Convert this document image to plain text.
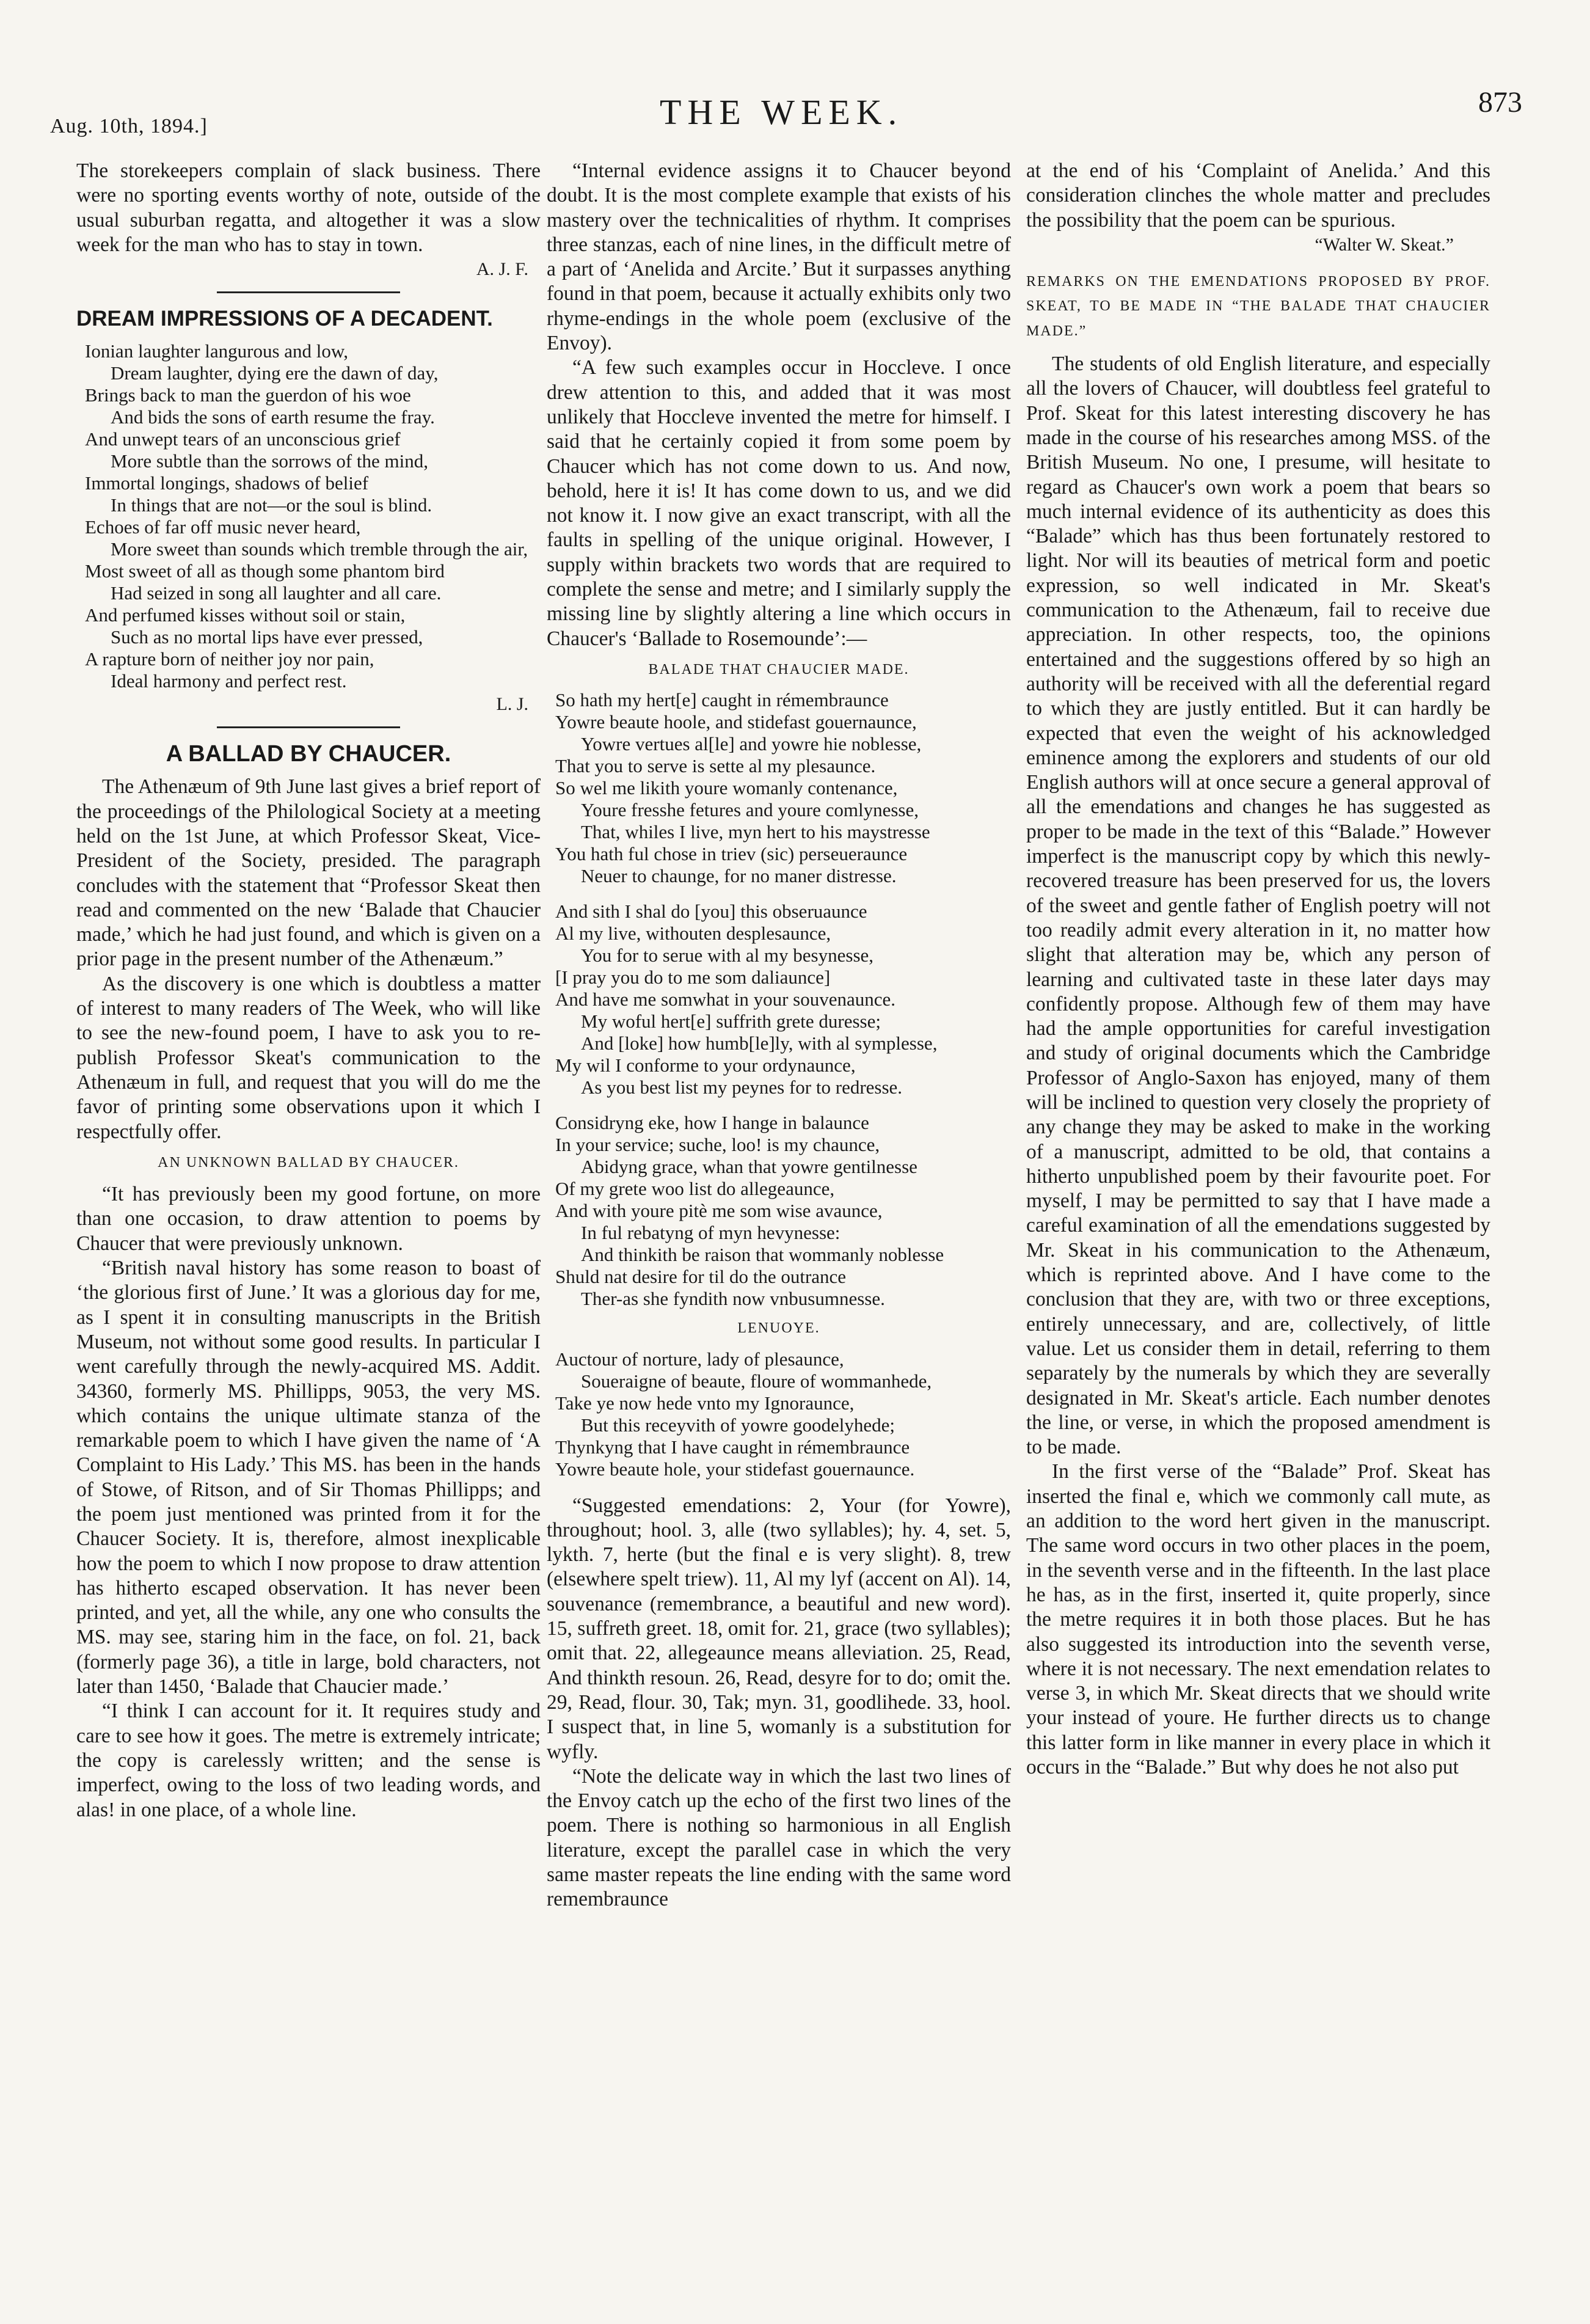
Aug. 10th, 1894.]	THE WEEK.	873

The storekeepers complain of slack business. There were no sporting events worthy of note, outside of the usual suburban regatta, and altogether it was a slow week for the man who has to stay in town.

A. J. F.
DREAM IMPRESSIONS OF A DECADENT.
Ionian laughter langurous and low,
Dream laughter, dying ere the dawn of day,
Brings back to man the guerdon of his woe
And bids the sons of earth resume the fray.
And unwept tears of an unconscious grief
More subtle than the sorrows of the mind,
Immortal longings, shadows of belief
In things that are not—or the soul is blind.
Echoes of far off music never heard,
More sweet than sounds which tremble through the air,
Most sweet of all as though some phantom bird
Had seized in song all laughter and all care.
And perfumed kisses without soil or stain,
Such as no mortal lips have ever pressed,
A rapture born of neither joy nor pain,
Ideal harmony and perfect rest.
L. J.
A BALLAD BY CHAUCER.

The Athenæum of 9th June last gives a brief report of the proceedings of the Philological Society at a meeting held on the 1st June, at which Professor Skeat, Vice-President of the Society, presided. The paragraph concludes with the statement that “Professor Skeat then read and commented on the new ‘Balade that Chaucier made,’ which he had just found, and which is given on a prior page in the present number of the Athenæum.”

As the discovery is one which is doubtless a matter of interest to many readers of The Week, who will like to see the new-found poem, I have to ask you to re-publish Professor Skeat's communication to the Athenæum in full, and request that you will do me the favor of printing some observations upon it which I respectfully offer.

AN UNKNOWN BALLAD BY CHAUCER.

“It has previously been my good fortune, on more than one occasion, to draw attention to poems by Chaucer that were previously unknown.

“British naval history has some reason to boast of ‘the glorious first of June.’ It was a glorious day for me, as I spent it in consulting manuscripts in the British Museum, not without some good results. In particular I went carefully through the newly-acquired MS. Addit. 34360, formerly MS. Phillipps, 9053, the very MS. which contains the unique ultimate stanza of the remarkable poem to which I have given the name of ‘A Complaint to His Lady.’ This MS. has been in the hands of Stowe, of Ritson, and of Sir Thomas Phillipps; and the poem just mentioned was printed from it for the Chaucer Society. It is, therefore, almost inexplicable how the poem to which I now propose to draw attention has hitherto escaped observation. It has never been printed, and yet, all the while, any one who consults the MS. may see, staring him in the face, on fol. 21, back (formerly page 36), a title in large, bold characters, not later than 1450, ‘Balade that Chaucier made.’

“I think I can account for it. It requires study and care to see how it goes. The metre is extremely intricate; the copy is carelessly written; and the sense is imperfect, owing to the loss of two leading words, and alas! in one place, of a whole line.

“Internal evidence assigns it to Chaucer beyond doubt. It is the most complete example that exists of his mastery over the technicalities of rhythm. It comprises three stanzas, each of nine lines, in the difficult metre of a part of ‘Anelida and Arcite.’ But it surpasses anything found in that poem, because it actually exhibits only two rhyme-endings in the whole poem (exclusive of the Envoy).

“A few such examples occur in Hoccleve. I once drew attention to this, and added that it was most unlikely that Hoccleve invented the metre for himself. I said that he certainly copied it from some poem by Chaucer which has not come down to us. And now, behold, here it is! It has come down to us, and we did not know it. I now give an exact transcript, with all the faults in spelling of the unique original. However, I supply within brackets two words that are required to complete the sense and metre; and I similarly supply the missing line by slightly altering a line which occurs in Chaucer's ‘Ballade to Rosemounde’:—

BALADE THAT CHAUCIER MADE.
So hath my hert[e] caught in rémembraunce
Yowre beaute hoole, and stidefast gouernaunce,
Yowre vertues al[le] and yowre hie noblesse,
That you to serve is sette al my plesaunce.
So wel me likith youre womanly contenance,
Youre fresshe fetures and youre comlynesse,
That, whiles I live, myn hert to his maystresse
You hath ful chose in triev (sic) perseueraunce
Neuer to chaunge, for no maner distresse.
And sith I shal do [you] this obseruaunce
Al my live, withouten desplesaunce,
You for to serue with al my besynesse,
[I pray you do to me som daliaunce]
And have me somwhat in your souvenaunce.
My woful hert[e] suffrith grete duresse;
And [loke] how humb[le]ly, with al symplesse,
My wil I conforme to your ordynaunce,
As you best list my peynes for to redresse.
Considryng eke, how I hange in balaunce
In your service; suche, loo! is my chaunce,
Abidyng grace, whan that yowre gentilnesse
Of my grete woo list do allegeaunce,
And with youre pitè me som wise avaunce,
In ful rebatyng of myn hevynesse:
And thinkith be raison that wommanly noblesse
Shuld nat desire for til do the outrance
Ther-as she fyndith now vnbusumnesse.
LENUOYE.
Auctour of norture, lady of plesaunce,
Soueraigne of beaute, floure of wommanhede,
Take ye now hede vnto my Ignoraunce,
But this receyvith of yowre goodelyhede;
Thynkyng that I have caught in rémembraunce
Yowre beaute hole, your stidefast gouernaunce.

“Suggested emendations: 2, Your (for Yowre), throughout; hool. 3, alle (two syllables); hy. 4, set. 5, lykth. 7, herte (but the final e is very slight). 8, trew (elsewhere spelt triew). 11, Al my lyf (accent on Al). 14, souvenance (remembrance, a beautiful and new word). 15, suffreth greet. 18, omit for. 21, grace (two syllables); omit that. 22, allegeaunce means alleviation. 25, Read, And thinkth resoun. 26, Read, desyre for to do; omit the. 29, Read, flour. 30, Tak; myn. 31, goodlihede. 33, hool. I suspect that, in line 5, womanly is a substitution for wyfly.

“Note the delicate way in which the last two lines of the Envoy catch up the echo of the first two lines of the poem. There is nothing so harmonious in all English literature, except the parallel case in which the very same master repeats the line ending with the same word remembraunce

at the end of his ‘Complaint of Anelida.’ And this consideration clinches the whole matter and precludes the possibility that the poem can be spurious.

“Walter W. Skeat.”
REMARKS ON THE EMENDATIONS PROPOSED BY PROF. SKEAT, TO BE MADE IN “THE BALADE THAT CHAUCIER MADE.”

The students of old English literature, and especially all the lovers of Chaucer, will doubtless feel grateful to Prof. Skeat for this latest interesting discovery he has made in the course of his researches among MSS. of the British Museum. No one, I presume, will hesitate to regard as Chaucer's own work a poem that bears so much internal evidence of its authenticity as does this “Balade” which has thus been fortunately restored to light. Nor will its beauties of metrical form and poetic expression, so well indicated in Mr. Skeat's communication to the Athenæum, fail to receive due appreciation. In other respects, too, the opinions entertained and the suggestions offered by so high an authority will be received with all the deferential regard to which they are justly entitled. But it can hardly be expected that even the weight of his acknowledged eminence among the explorers and students of our old English authors will at once secure a general approval of all the emendations and changes he has suggested as proper to be made in the text of this “Balade.” However imperfect is the manuscript copy by which this newly-recovered treasure has been preserved for us, the lovers of the sweet and gentle father of English poetry will not too readily admit every alteration in it, no matter how slight that alteration may be, which any person of learning and cultivated taste in these later days may confidently propose. Although few of them may have had the ample opportunities for careful investigation and study of original documents which the Cambridge Professor of Anglo-Saxon has enjoyed, many of them will be inclined to question very closely the propriety of any change they may be asked to make in the working of a manuscript, admitted to be old, that contains a hitherto unpublished poem by their favourite poet. For myself, I may be permitted to say that I have made a careful examination of all the emendations suggested by Mr. Skeat in his communication to the Athenæum, which is reprinted above. And I have come to the conclusion that they are, with two or three exceptions, entirely unnecessary, and are, collectively, of little value. Let us consider them in detail, referring to them separately by the numerals by which they are severally designated in Mr. Skeat's article. Each number denotes the line, or verse, in which the proposed amendment is to be made.

In the first verse of the “Balade” Prof. Skeat has inserted the final e, which we commonly call mute, as an addition to the word hert given in the manuscript. The same word occurs in two other places in the poem, in the seventh verse and in the fifteenth. In the last place he has, as in the first, inserted it, quite properly, since the metre requires it in both those places. But he has also suggested its introduction into the seventh verse, where it is not necessary. The next emendation relates to verse 3, in which Mr. Skeat directs that we should write your instead of youre. He further directs us to change this latter form in like manner in every place in which it occurs in the “Balade.” But why does he not also put
